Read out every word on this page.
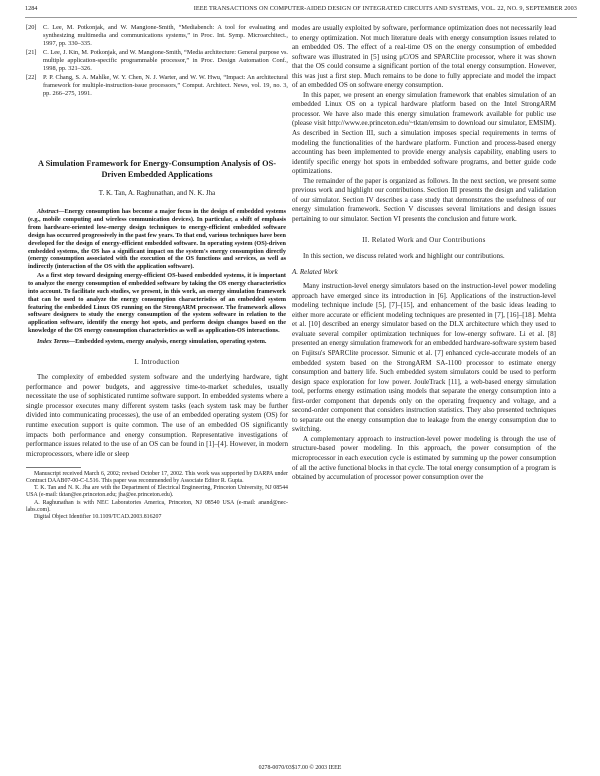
1284	IEEE TRANSACTIONS ON COMPUTER-AIDED DESIGN OF INTEGRATED CIRCUITS AND SYSTEMS, VOL. 22, NO. 9, SEPTEMBER 2003
[20]	C. Lee, M. Potkonjak, and W. Mangione-Smith, “Mediabench: A tool for evaluating and synthesizing multimedia and communications systems,” in Proc. Int. Symp. Microarchitect., 1997, pp. 330–335.
[21]	C. Lee, J. Kin, M. Potkonjak, and W. Mangione-Smith, “Media architecture: General purpose vs. multiple application-specific programmable processor,” in Proc. Design Automation Conf., 1998, pp. 321–326.
[22]	P. P. Chang, S. A. Mahlke, W. Y. Chen, N. J. Warter, and W. W. Hwu, “Impact: An architectural framework for multiple-instruction-issue processors,” Comput. Architect. News, vol. 19, no. 3, pp. 266–275, 1991.
A Simulation Framework for Energy-Consumption Analysis of OS-Driven Embedded Applications
T. K. Tan, A. Raghunathan, and N. K. Jha

Abstract—Energy consumption has become a major focus in the design of embedded systems (e.g., mobile computing and wireless communication devices). In particular, a shift of emphasis from hardware-oriented low-energy design techniques to energy-efficient embedded software design has occurred progressively in the past few years. To that end, various techniques have been developed for the design of energy-efficient embedded software. In operating system (OS)-driven embedded systems, the OS has a significant impact on the system's energy consumption directly (energy consumption associated with the execution of the OS functions and services, as well as indirectly (interaction of the OS with the application software).

As a first step toward designing energy-efficient OS-based embedded systems, it is important to analyze the energy consumption of embedded software by taking the OS energy characteristics into account. To facilitate such studies, we present, in this work, an energy simulation framework that can be used to analyze the energy consumption characteristics of an embedded system featuring the embedded Linux OS running on the StrongARM processor. The framework allows software designers to study the energy consumption of the system software in relation to the application software, identify the energy hot spots, and perform design changes based on the knowledge of the OS energy consumption characteristics as well as application-OS interactions.

Index Terms—Embedded system, energy analysis, energy simulation, operating system.

I. Introduction

The complexity of embedded system software and the underlying hardware, tight performance and power budgets, and aggressive time-to-market schedules, usually necessitate the use of sophisticated runtime software support. In embedded systems where a single processor executes many different system tasks (each system task may be further divided into communicating processes), the use of an embedded operating system (OS) for runtime execution support is quite common. The use of an embedded OS significantly impacts both performance and energy consumption. Representative investigations of performance issues related to the use of an OS can be found in [1]–[4]. However, in modern microprocessors, where idle or sleep

Manuscript received March 6, 2002; revised October 17, 2002. This work was supported by DARPA under Contract DAAB07-00-C-L516. This paper was recommended by Associate Editor R. Gupta.

T. K. Tan and N. K. Jha are with the Department of Electrical Engineering, Princeton University, NJ 08544 USA (e-mail: tktan@ee.princeton.edu; jha@ee.princeton.edu).

A. Raghunathan is with NEC Laboratories America, Princeton, NJ 08540 USA (e-mail: anand@nec-labs.com).

Digital Object Identifier 10.1109/TCAD.2003.816207

modes are usually exploited by software, performance optimization does not necessarily lead to energy optimization. Not much literature deals with energy consumption issues related to an embedded OS. The effect of a real-time OS on the energy consumption of embedded software was illustrated in [5] using μC/OS and SPARClite processor, where it was shown that the OS could consume a significant portion of the total energy consumption. However, this was just a first step. Much remains to be done to fully appreciate and model the impact of an embedded OS on software energy consumption.

In this paper, we present an energy simulation framework that enables simulation of an embedded Linux OS on a typical hardware platform based on the Intel StrongARM processor. We have also made this energy simulation framework available for public use (please visit http://www.ee.princeton.edu/~tktan/emsim to download our simulator, EMSIM). As described in Section III, such a simulation imposes special requirements in terms of modeling the functionalities of the hardware platform. Function and process-based energy accounting has been implemented to provide energy analysis capability, enabling users to identify specific energy hot spots in embedded software programs, and better guide code optimizations.

The remainder of the paper is organized as follows. In the next section, we present some previous work and highlight our contributions. Section III presents the design and validation of our simulator. Section IV describes a case study that demonstrates the usefulness of our energy simulation framework. Section V discusses several limitations and design issues pertaining to our simulator. Section VI presents the conclusion and future work.

II. Related Work and Our Contributions

In this section, we discuss related work and highlight our contributions.

A. Related Work

Many instruction-level energy simulators based on the instruction-level power modeling approach have emerged since its introduction in [6]. Applications of the instruction-level modeling technique include [5], [7]–[15], and enhancement of the basic ideas leading to either more accurate or efficient modeling techniques are presented in [7], [16]–[18]. Mehta et al. [10] described an energy simulator based on the DLX architecture which they used to evaluate several compiler optimization techniques for low-energy software. Li et al. [8] presented an energy simulation framework for an embedded hardware-software system based on Fujitsu's SPARClite processor. Simunic et al. [7] enhanced cycle-accurate models of an embedded system based on the StrongARM SA-1100 processor to estimate energy consumption and battery life. Such embedded system simulators could be used to perform design space exploration for low power. JouleTrack [11], a web-based energy simulation tool, performs energy estimation using models that separate the energy consumption into a first-order component that depends only on the operating frequency and voltage, and a second-order component that considers instruction statistics. They also presented techniques to separate out the energy consumption due to leakage from the energy consumption due to switching.

A complementary approach to instruction-level power modeling is through the use of structure-based power modeling. In this approach, the power consumption of the microprocessor in each execution cycle is estimated by summing up the power consumption of all the active functional blocks in that cycle. The total energy consumption of a program is obtained by accumulation of processor power consumption over the

0278-0070/03$17.00 © 2003 IEEE
